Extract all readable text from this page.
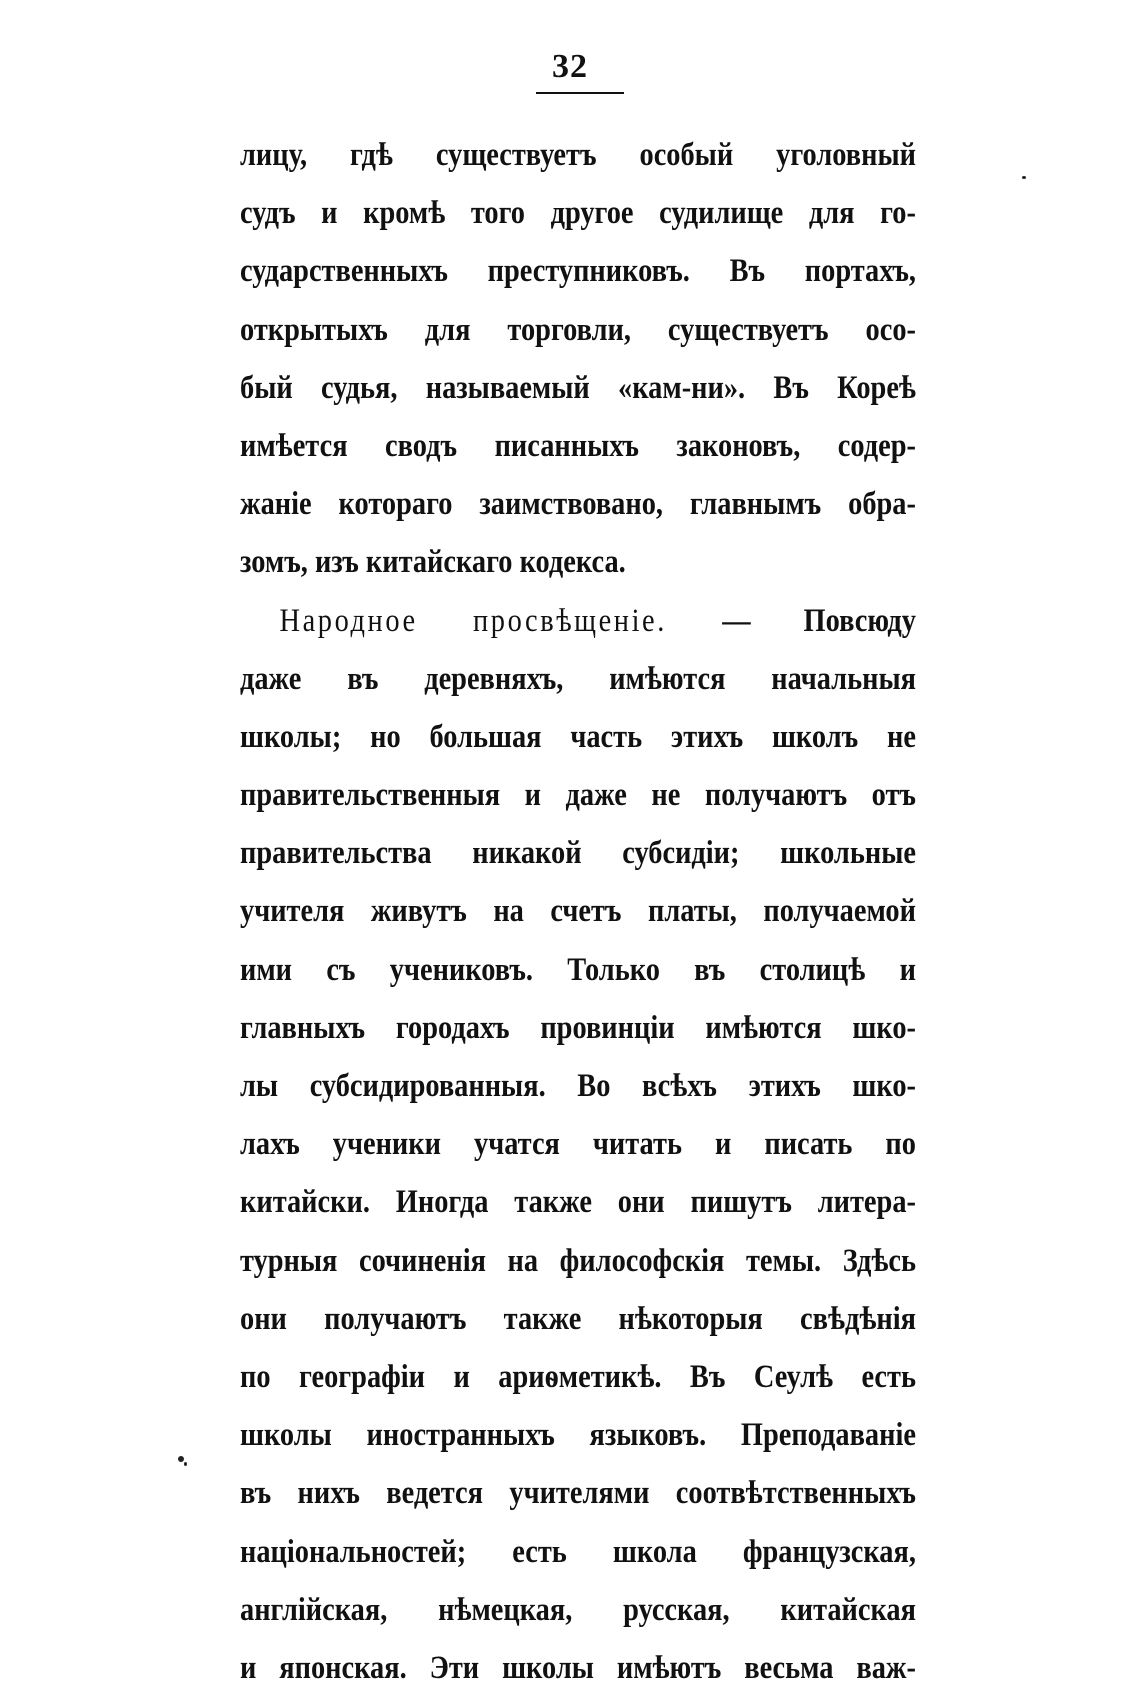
32
лицу, гдѣ существуетъ особый уголовный
судъ и кромѣ того другое судилище для го-
сударственныхъ преступниковъ. Въ портахъ,
открытыхъ для торговли, существуетъ осо-
бый судья, называемый «кам-ни». Въ Кореѣ
имѣется сводъ писанныхъ законовъ, содер-
жаніе котораго заимствовано, главнымъ обра-
зомъ, изъ китайскаго кодекса.
Народное просвѣщеніе. — Повсюду
даже въ деревняхъ, имѣются начальныя
школы; но большая часть этихъ школъ не
правительственныя и даже не получаютъ отъ
правительства никакой субсидіи; школьные
учителя живутъ на счетъ платы, получаемой
ими съ учениковъ. Только въ столицѣ и
главныхъ городахъ провинціи имѣются шко-
лы субсидированныя. Во всѣхъ этихъ шко-
лахъ ученики учатся читать и писать по
китайски. Иногда также они пишутъ литера-
турныя сочиненія на философскія темы. Здѣсь
они получаютъ также нѣкоторыя свѣдѣнія
по географіи и ариѳметикѣ. Въ Сеулѣ есть
школы иностранныхъ языковъ. Преподаваніе
въ нихъ ведется учителями соотвѣтственныхъ
національностей; есть школа французская,
англійская, нѣмецкая, русская, китайская
и японская. Эти школы имѣютъ весьма важ-
